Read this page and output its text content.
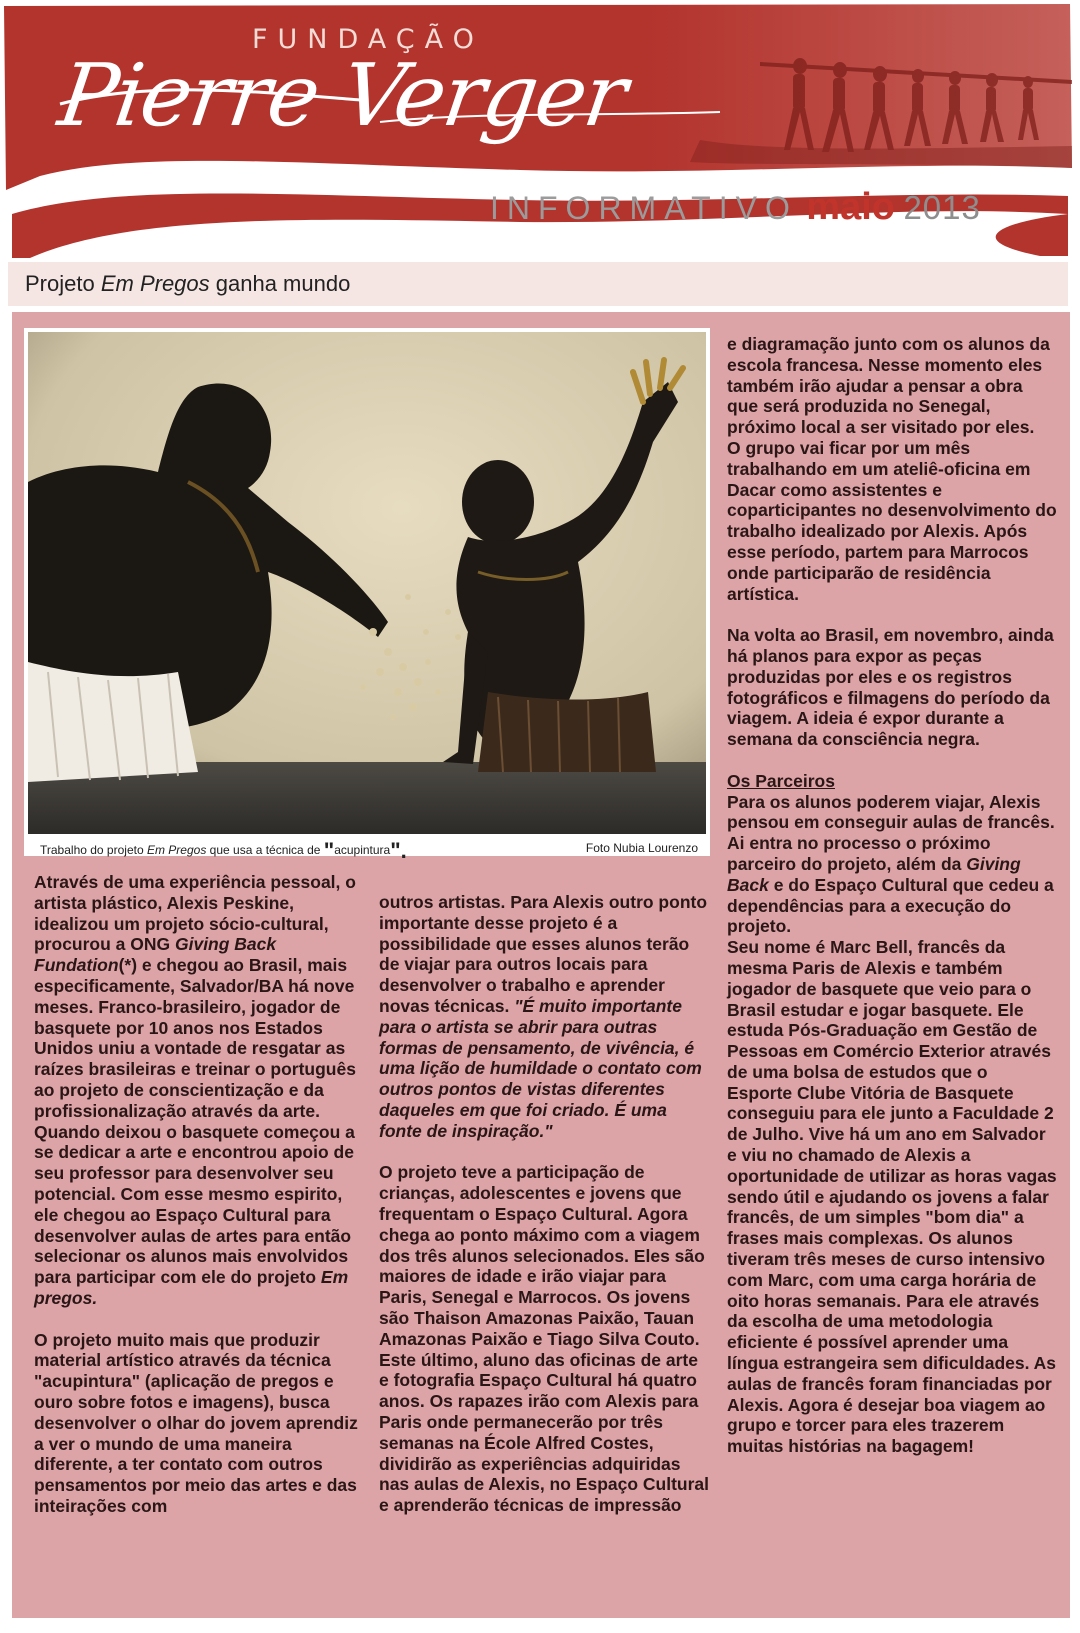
FUNDAÇÃO
Pierre Verger
INFORMATIVO maio 2013
Projeto Em Pregos ganha mundo
Trabalho do projeto Em Pregos que usa a técnica de "acupintura".	Foto Nubia Lourenzo

Através de uma experiência pessoal, o artista plástico, Alexis Peskine, idealizou um projeto sócio-cultural, procurou a ONG Giving Back Fundation(*) e chegou ao Brasil, mais especificamente, Salvador/BA há nove meses. Franco-brasileiro, jogador de basquete por 10 anos nos Estados Unidos uniu a vontade de resgatar as raízes brasileiras e treinar o português ao projeto de conscientização e da profissionalização através da arte. Quando deixou o basquete começou a se dedicar a arte e encontrou apoio de seu professor para desenvolver seu potencial. Com esse mesmo espirito, ele chegou ao Espaço Cultural para desenvolver aulas de artes para então selecionar os alunos mais envolvidos para participar com ele do projeto Em pregos.

O projeto muito mais que produzir material artístico através da técnica "acupintura" (aplicação de pregos e ouro sobre fotos e imagens), busca desenvolver o olhar do jovem aprendiz a ver o mundo de uma maneira diferente, a ter contato com outros pensamentos por meio das artes e das inteirações com

outros artistas. Para Alexis outro ponto importante desse projeto é a possibilidade que esses alunos terão de viajar para outros locais para desenvolver o trabalho e aprender novas técnicas. "É muito importante para o artista se abrir para outras formas de pensamento, de vivência, é uma lição de humildade o contato com outros pontos de vistas diferentes daqueles em que foi criado. É uma fonte de inspiração."

O projeto teve a participação de crianças, adolescentes e jovens que frequentam o Espaço Cultural. Agora chega ao ponto máximo com a viagem dos três alunos selecionados. Eles são maiores de idade e irão viajar para Paris, Senegal e Marrocos. Os jovens são Thaison Amazonas Paixão, Tauan Amazonas Paixão e Tiago Silva Couto. Este último, aluno das oficinas de arte e fotografia Espaço Cultural há quatro anos. Os rapazes irão com Alexis para Paris onde permanecerão por três semanas na École Alfred Costes, dividirão as experiências adquiridas nas aulas de Alexis, no Espaço Cultural e aprenderão técnicas de impressão

e diagramação junto com os alunos da escola francesa. Nesse momento eles também irão ajudar a pensar a obra que será produzida no Senegal, próximo local a ser visitado por eles.

O grupo vai ficar por um mês trabalhando em um ateliê-oficina em Dacar como assistentes e coparticipantes no desenvolvimento do trabalho idealizado por Alexis. Após esse período, partem para Marrocos onde participarão de residência artística.

Na volta ao Brasil, em novembro, ainda há planos para expor as peças produzidas por eles e os registros fotográficos e filmagens do período da viagem. A ideia é expor durante a semana da consciência negra.

Os Parceiros

Para os alunos poderem viajar, Alexis pensou em conseguir aulas de francês. Ai entra no processo o próximo parceiro do projeto, além da Giving Back e do Espaço Cultural que cedeu a dependências para a execução do projeto.

Seu nome é Marc Bell, francês da mesma Paris de Alexis e também jogador de basquete que veio para o Brasil estudar e jogar basquete. Ele estuda Pós-Graduação em Gestão de Pessoas em Comércio Exterior através de uma bolsa de estudos que o Esporte Clube Vitória de Basquete conseguiu para ele junto a Faculdade 2 de Julho. Vive há um ano em Salvador e viu no chamado de Alexis a oportunidade de utilizar as horas vagas sendo útil e ajudando os jovens a falar francês, de um simples "bom dia" a frases mais complexas. Os alunos tiveram três meses de curso intensivo com Marc, com uma carga horária de oito horas semanais. Para ele através da escolha de uma metodologia eficiente é possível aprender uma língua estrangeira sem dificuldades. As aulas de francês foram financiadas por Alexis. Agora é desejar boa viagem ao grupo e torcer para eles trazerem muitas histórias na bagagem!
